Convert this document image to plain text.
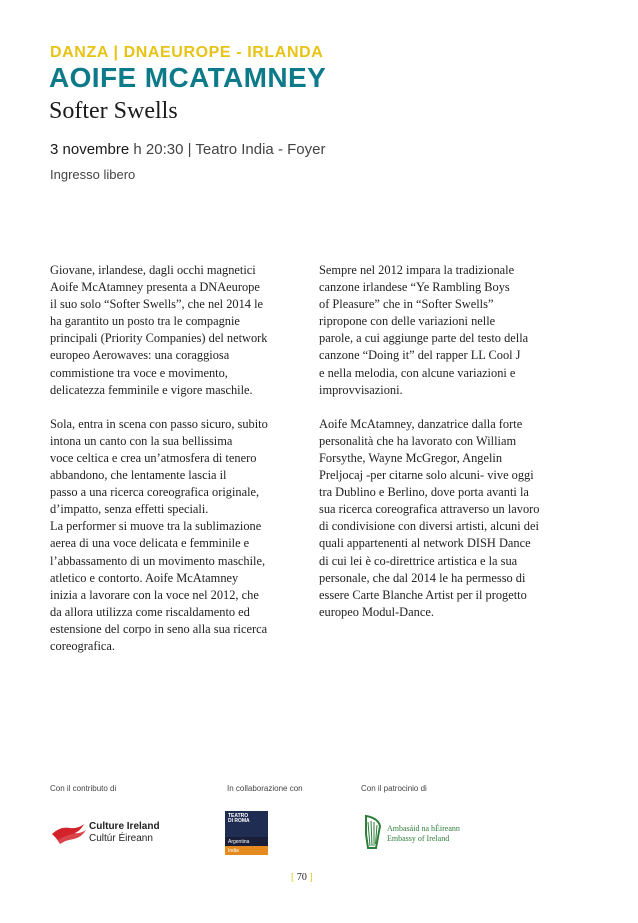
DANZA | DNAEUROPE - IRLANDA
AOIFE MCATAMNEY
Softer Swells
3 novembre h 20:30 | Teatro India - Foyer
Ingresso libero

Giovane, irlandese, dagli occhi magnetici
Aoife McAtamney presenta a DNAeurope
il suo solo “Softer Swells”, che nel 2014 le
ha garantito un posto tra le compagnie
principali (Priority Companies) del network
europeo Aerowaves: una coraggiosa
commistione tra voce e movimento,
delicatezza femminile e vigore maschile.

Sola, entra in scena con passo sicuro, subito
intona un canto con la sua bellissima
voce celtica e crea un’atmosfera di tenero
abbandono, che lentamente lascia il
passo a una ricerca coreografica originale,
d’impatto, senza effetti speciali.
La performer si muove tra la sublimazione
aerea di una voce delicata e femminile e
l’abbassamento di un movimento maschile,
atletico e contorto. Aoife McAtamney
inizia a lavorare con la voce nel 2012, che
da allora utilizza come riscaldamento ed
estensione del corpo in seno alla sua ricerca
coreografica.

Sempre nel 2012 impara la tradizionale
canzone irlandese “Ye Rambling Boys
of Pleasure” che in “Softer Swells”
ripropone con delle variazioni nelle
parole, a cui aggiunge parte del testo della
canzone “Doing it” del rapper LL Cool J
e nella melodia, con alcune variazioni e
improvvisazioni.

Aoife McAtamney, danzatrice dalla forte
personalità che ha lavorato con William
Forsythe, Wayne McGregor, Angelin
Preljocaj -per citarne solo alcuni- vive oggi
tra Dublino e Berlino, dove porta avanti la
sua ricerca coreografica attraverso un lavoro
di condivisione con diversi artisti, alcuni dei
quali appartenenti al network DISH Dance
di cui lei è co-direttrice artistica e la sua
personale, che dal 2014 le ha permesso di
essere Carte Blanche Artist per il progetto
europeo Modul-Dance.

Con il contributo di	In collaborazione con	Con il patrocinio di
Culture Ireland
Cultúr Éireann
TEATRO
DI ROMA
Argentina
India
Ambasáid na hÉireann
Embassy of Ireland
[ 70 ]
